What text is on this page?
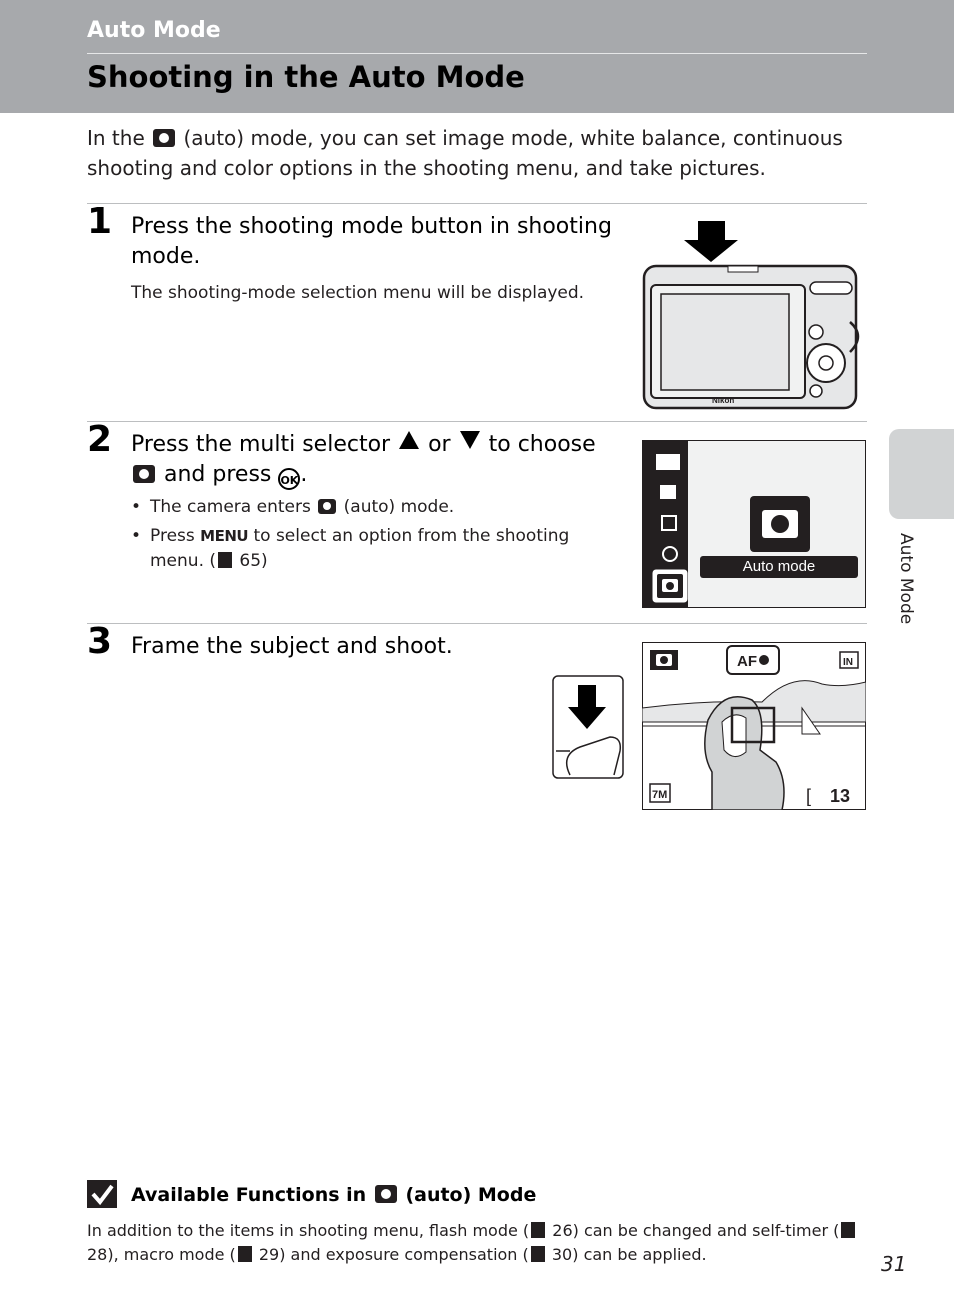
Auto Mode
Shooting in the Auto Mode
In the (auto) mode, you can set image mode, white balance, continuous shooting and color options in the shooting menu, and take pictures.
1 Press the shooting mode button in shooting mode.
The shooting-mode selection menu will be displayed.
Nikon
2 Press the multi selector or to choose  and press OK.
• The camera enters (auto) mode.
• Press MENU to select an option from the shooting menu. ( 65)	Auto mode
3 Frame the subject and shoot.
AF	IN
7M	[ 13
Auto Mode
Available Functions in (auto) Mode
In addition to the items in shooting menu, flash mode ( 26) can be changed and self-timer ( 28), macro mode ( 29) and exposure compensation ( 30) can be applied.	31
